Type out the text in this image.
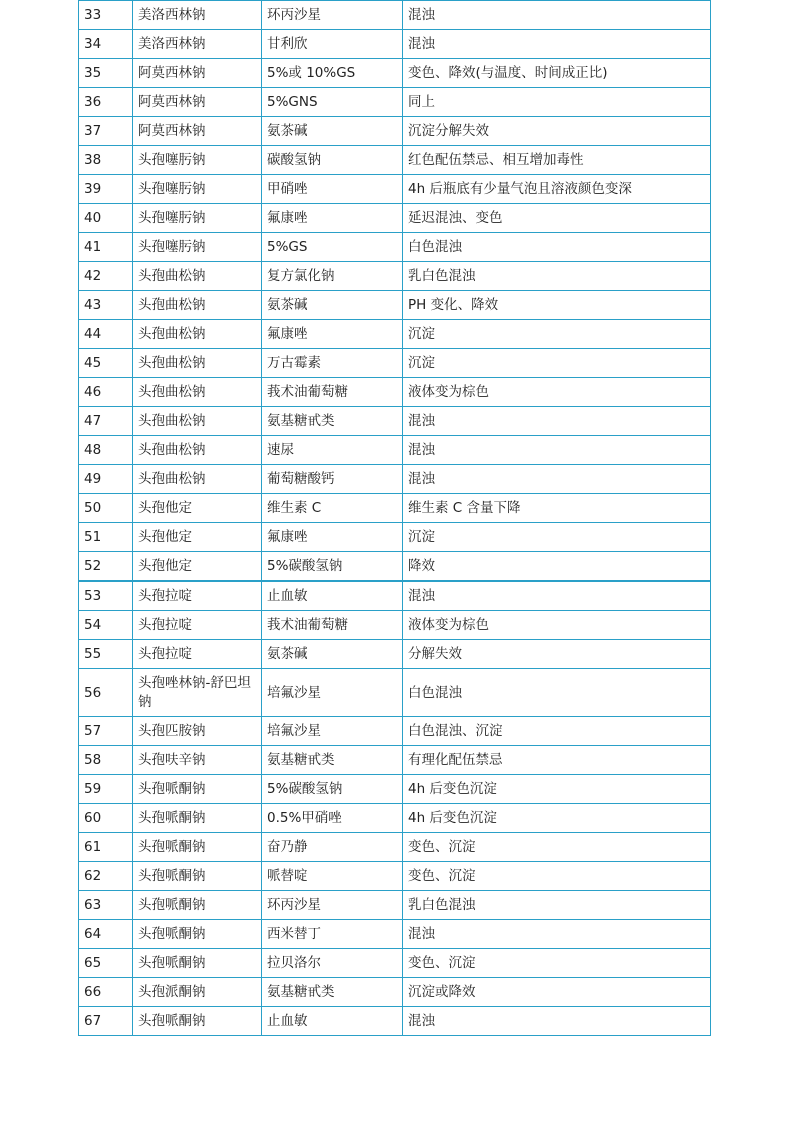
33	美洛西林钠	环丙沙星	混浊
34	美洛西林钠	甘利欣	混浊
35	阿莫西林钠	5%或 10%GS	变色、降效(与温度、时间成正比)
36	阿莫西林钠	5%GNS	同上
37	阿莫西林钠	氨茶碱	沉淀分解失效
38	头孢噻肟钠	碳酸氢钠	红色配伍禁忌、相互增加毒性
39	头孢噻肟钠	甲硝唑	4h 后瓶底有少量气泡且溶液颜色变深
40	头孢噻肟钠	氟康唑	延迟混浊、变色
41	头孢噻肟钠	5%GS	白色混浊
42	头孢曲松钠	复方氯化钠	乳白色混浊
43	头孢曲松钠	氨茶碱	PH 变化、降效
44	头孢曲松钠	氟康唑	沉淀
45	头孢曲松钠	万古霉素	沉淀
46	头孢曲松钠	莪术油葡萄糖	液体变为棕色
47	头孢曲松钠	氨基糖甙类	混浊
48	头孢曲松钠	速尿	混浊
49	头孢曲松钠	葡萄糖酸钙	混浊
50	头孢他定	维生素 C	维生素 C 含量下降
51	头孢他定	氟康唑	沉淀
52	头孢他定	5%碳酸氢钠	降效
53	头孢拉啶	止血敏	混浊
54	头孢拉啶	莪术油葡萄糖	液体变为棕色
55	头孢拉啶	氨茶碱	分解失效
56	头孢唑林钠-舒巴坦钠	培氟沙星	白色混浊
57	头孢匹胺钠	培氟沙星	白色混浊、沉淀
58	头孢呋辛钠	氨基糖甙类	有理化配伍禁忌
59	头孢哌酮钠	5%碳酸氢钠	4h 后变色沉淀
60	头孢哌酮钠	0.5%甲硝唑	4h 后变色沉淀
61	头孢哌酮钠	奋乃静	变色、沉淀
62	头孢哌酮钠	哌替啶	变色、沉淀
63	头孢哌酮钠	环丙沙星	乳白色混浊
64	头孢哌酮钠	西米替丁	混浊
65	头孢哌酮钠	拉贝洛尔	变色、沉淀
66	头孢派酮钠	氨基糖甙类	沉淀或降效
67	头孢哌酮钠	止血敏	混浊
